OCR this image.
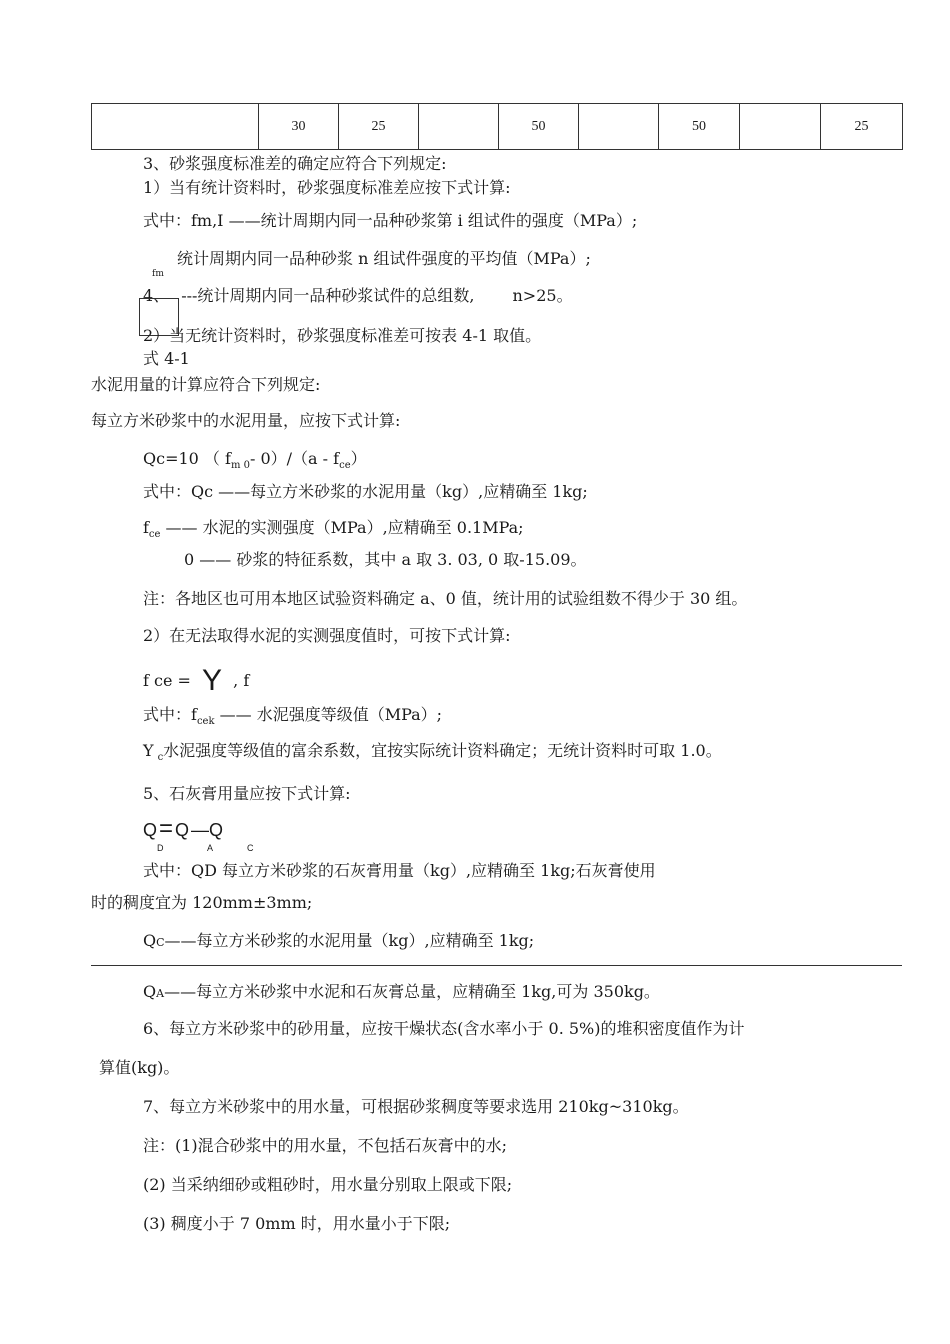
	30	25		50		50		25
3、砂浆强度标准差的确定应符合下列规定:
1）当有统计资料时，砂浆强度标准差应按下式计算:
式中：fm,I ——统计周期内同一品种砂浆第 i 组试件的强度（MPa）;
fm
统计周期内同一品种砂浆 n 组试件强度的平均值（MPa）;
4、 ---统计周期内同一品种砂浆试件的总组数, n>25。
2）当无统计资料时，砂浆强度标准差可按表 4-1 取值。
式 4-1
水泥用量的计算应符合下列规定:
每立方米砂浆中的水泥用量，应按下式计算:
Qc=10 （ $f_{m 0}-$ $0)/(a - f_{ce})$
式中：Qc ——每立方米砂浆的水泥用量（kg）,应精确至 1kg;
$f_{ce}$ —— 水泥的实测强度（MPa）,应精确至 0.1MPa;
0 —— 砂浆的特征系数，其中 a 取 3. 03, 0 取-15.09。
注：各地区也可用本地区试验资料确定 a、0 值，统计用的试验组数不得少于 30 组。
2）在无法取得水泥的实测强度值时，可按下式计算:
f ce = Y , f
式中：$f_{cek}$ —— 水泥强度等级值（MPa）;
Y $_c$水泥强度等级值的富余系数，宜按实际统计资料确定；无统计资料时可取 1.0。
5、石灰膏用量应按下式计算:
Q= Q —Q
D	A	C
式中：QD 每立方米砂浆的石灰膏用量（kg）,应精确至 1kg;石灰膏使用
时的稠度宜为 120mm±3mm;
QC——每立方米砂浆的水泥用量（kg）,应精确至 1kg;
QA——每立方米砂浆中水泥和石灰膏总量，应精确至 1kg,可为 350kg。
6、每立方米砂浆中的砂用量，应按干燥状态(含水率小于 0. 5%)的堆积密度值作为计
算值(kg)。
7、每立方米砂浆中的用水量，可根据砂浆稠度等要求选用 210kg~310kg。
注：(1)混合砂浆中的用水量，不包括石灰膏中的水;
(2) 当采纳细砂或粗砂时，用水量分别取上限或下限;
(3) 稠度小于 7 0mm 时，用水量小于下限;
